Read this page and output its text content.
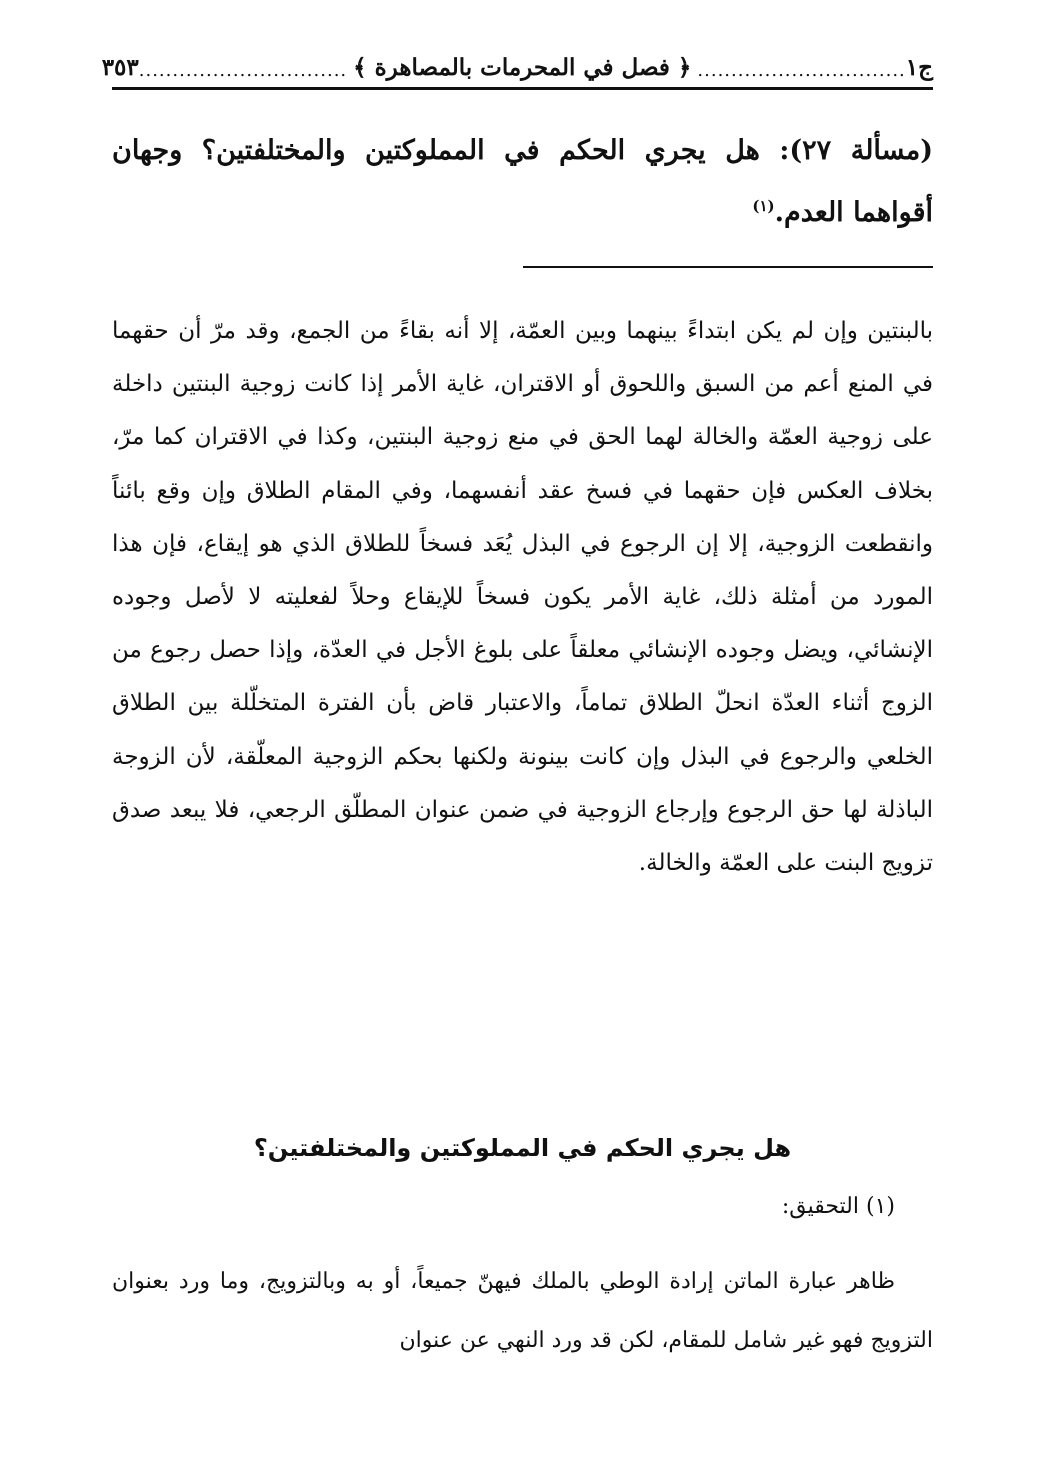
ج١
...............................
﴿ فصل في المحرمات بالمصاهرة ﴾
...............................
٣٥٣
(مسألة ٢٧): هل يجري الحكم في المملوكتين والمختلفتين؟ وجهان أقواهما العدم.$^{(١)}$

بالبنتين وإن لم يكن ابتداءً بينهما وبين العمّة، إلا أنه بقاءً من الجمع، وقد مرّ أن حقهما في المنع أعم من السبق واللحوق أو الاقتران، غاية الأمر إذا كانت زوجية البنتين داخلة على زوجية العمّة والخالة لهما الحق في منع زوجية البنتين، وكذا في الاقتران كما مرّ، بخلاف العكس فإن حقهما في فسخ عقد أنفسهما، وفي المقام الطلاق وإن وقع بائناً وانقطعت الزوجية، إلا إن الرجوع في البذل يُعَد فسخاً للطلاق الذي هو إيقاع، فإن هذا المورد من أمثلة ذلك، غاية الأمر يكون فسخاً للإيقاع وحلاً لفعليته لا لأصل وجوده الإنشائي، ويضل وجوده الإنشائي معلقاً على بلوغ الأجل في العدّة، وإذا حصل رجوع من الزوج أثناء العدّة انحلّ الطلاق تماماً، والاعتبار قاض بأن الفترة المتخلّلة بين الطلاق الخلعي والرجوع في البذل وإن كانت بينونة ولكنها بحكم الزوجية المعلّقة، لأن الزوجة الباذلة لها حق الرجوع وإرجاع الزوجية في ضمن عنوان المطلّق الرجعي، فلا يبعد صدق تزويج البنت على العمّة والخالة.

هل يجري الحكم في المملوكتين والمختلفتين؟
(١) التحقيق:

ظاهر عبارة الماتن إرادة الوطي بالملك فيهنّ جميعاً، أو به وبالتزويج، وما ورد بعنوان التزويج فهو غير شامل للمقام، لكن قد ورد النهي عن عنوان
